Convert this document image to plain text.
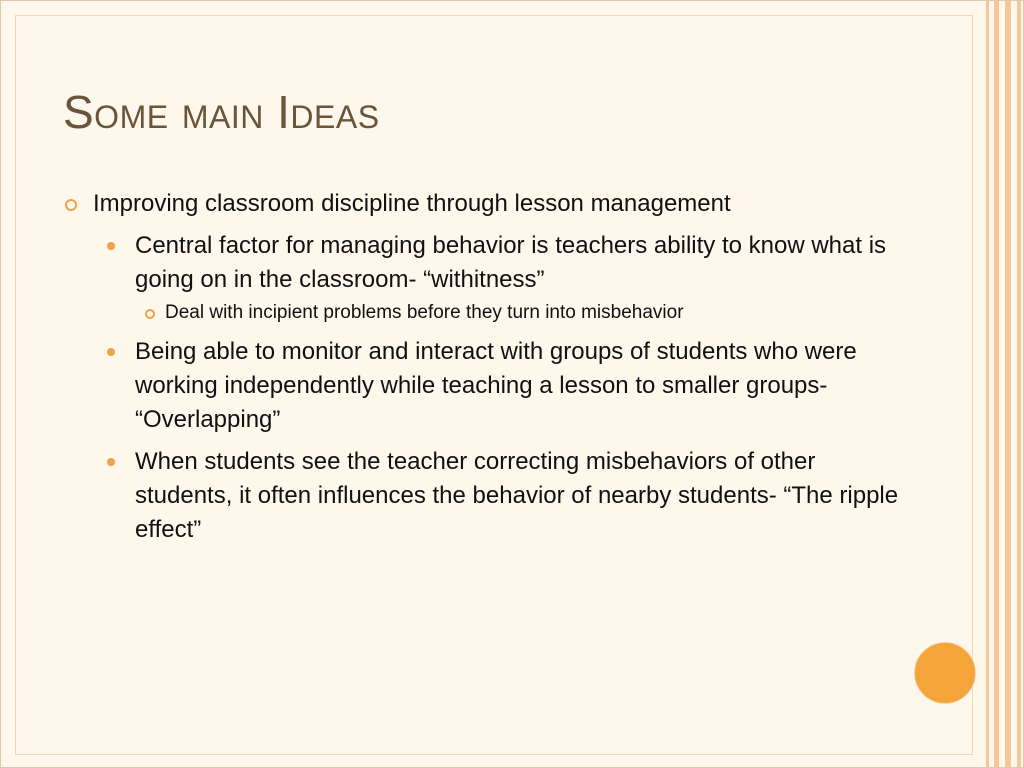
Some main Ideas
Improving classroom discipline through lesson management
Central factor for managing behavior is teachers ability to know what is going on in the classroom- “withitness”
Deal with incipient problems before they turn into misbehavior
Being able to monitor and interact with groups of students who were working independently while teaching a lesson to smaller groups- “Overlapping”
When students see the teacher correcting misbehaviors of other students, it often influences the behavior of nearby students- “The ripple effect”
